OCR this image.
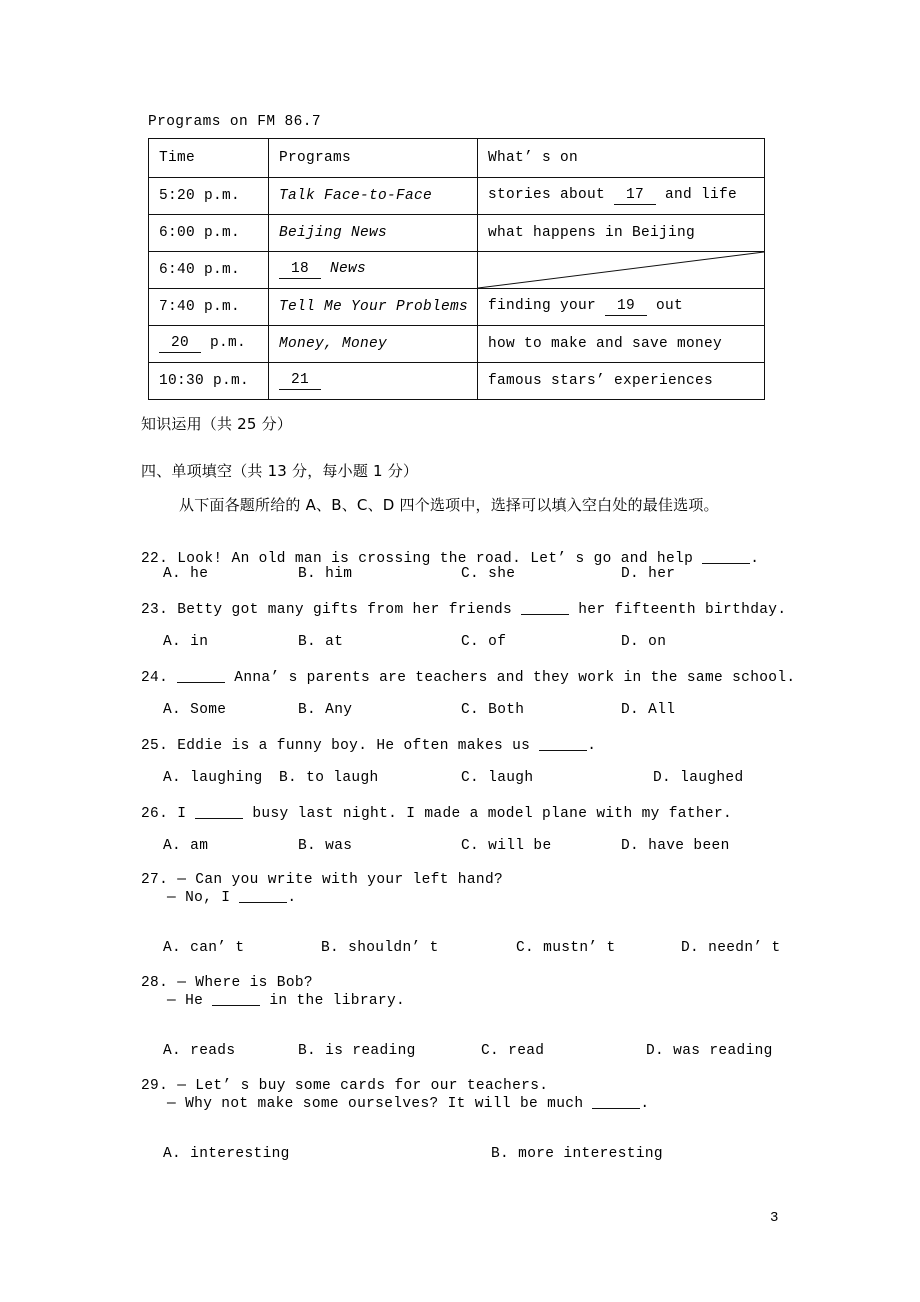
Programs on FM 86.7
Time	Programs	What’ s on
5:20 p.m.	Talk Face-to-Face	stories about 17 and life
6:00 p.m.	Beijing News	what happens in Beijing
6:40 p.m.	18 News	

7:40 p.m.	Tell Me Your Problems	finding your 19 out
20 p.m.	Money, Money	how to make and save money
10:30 p.m.	21	famous stars’ experiences
知识运用（共 25 分）
四、单项填空（共 13 分，每小题 1 分）
从下面各题所给的 A、B、C、D 四个选项中，选择可以填入空白处的最佳选项。
22. Look! An old man is crossing the road. Let’ s go and help	.
A. he	B. him	C. she	D. her
23. Betty got many gifts from her friends	her fifteenth birthday.
A. in	B. at	C. of	D. on
24.	Anna’ s parents are teachers and they work in the same school.
A. Some	B. Any	C. Both	D. All
25. Eddie is a funny boy. He often makes us	.
A. laughing B. to laugh	C. laugh	D. laughed
26. I	busy last night. I made a model plane with my father.
A. am	B. was	C. will be	D. have been
27. — Can you write with your left hand?
— No, I	.
A. can’ t	B. shouldn’ t	C. mustn’ t	D. needn’ t
28. — Where is Bob?
— He	in the library.
A. reads	B. is reading	C. read	D. was reading
29. — Let’ s buy some cards for our teachers.
— Why not make some ourselves? It will be much	.
A. interesting	B. more interesting
3
